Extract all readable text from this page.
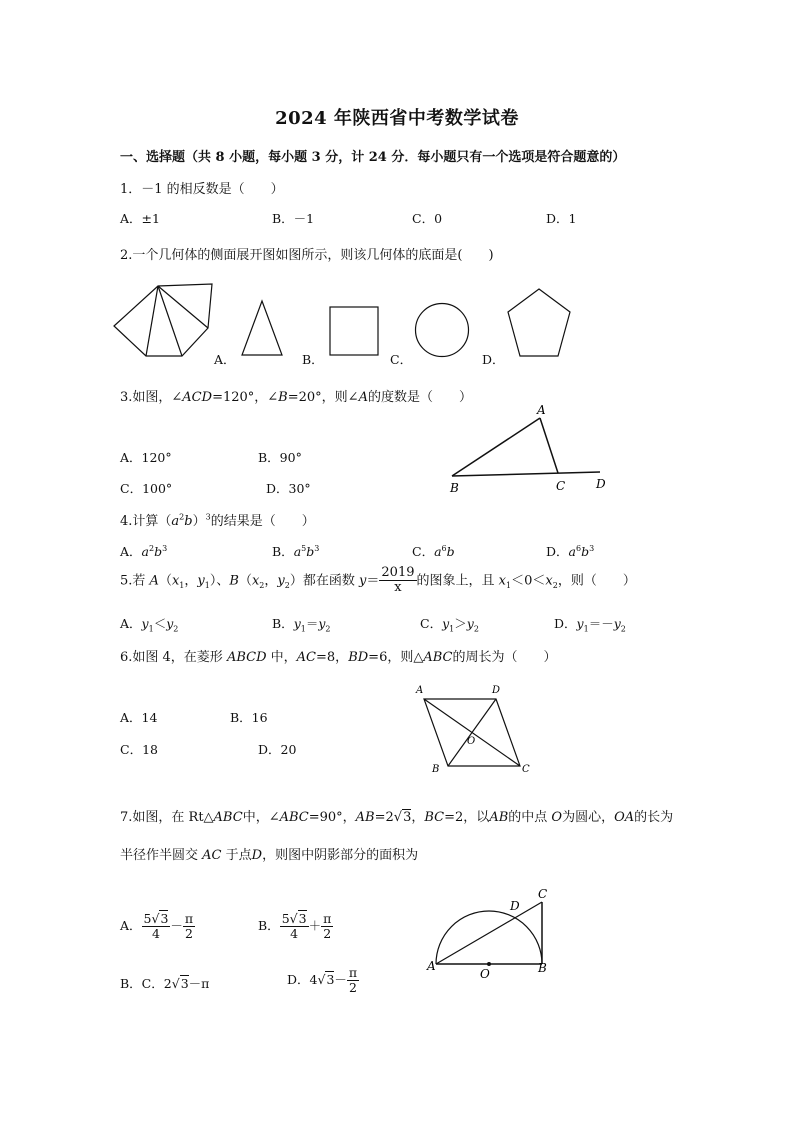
2024 年陕西省中考数学试卷
一、选择题（共 8 小题，每小题 3 分，计 24 分．每小题只有一个选项是符合题意的）
1．－1 的相反数是（　　）
A．±1	B．－1	C．0	D．1
2.一个几何体的侧面展开图如图所示，则该几何体的底面是(　　)
A．	B．	C．	D．
3.如图，∠ACD=120°，∠B=20°，则∠A的度数是（　　）
A．120°	B．90°
C．100°	D．30°
A
B	C	D
4.计算$(a^2b)^3$的结果是（　　）
A．$a^2b^3$	B．$a^5b^3$	C．$a^6b$	D．$a^6b^3$
5.若 $A(x_1$，$y_1$）、$B(x_2$，$y_2$）都在函数 $y= \frac{2019}{x}$ 的图象上，且 $x_1<0<x_2$，则（　　）
A．$y_1<y_2$	B．$y_1=y_2$	C．$y_1>y_2$	D．$y_1=-y_2$
6.如图 4，在菱形 ABCD 中，AC=8，BD=6，则△ABC的周长为（　　）
A．14	B．16
C．18	D．20
A	D
O
B	C
7.如图，在 Rt△ABC中，∠ABC=90°，AB=2√3，BC=2，以AB的中点 O为圆心，OA的长为
半径作半圆交 AC 于点D，则图中阴影部分的面积为
A． $\frac{5√3}{4} - \frac{\pi}{2}$	B． $\frac{5√3}{4} + \frac{\pi}{2}$
B．C．2√3－π	D．$4√3- \frac{\pi}{2}$	A
O	B
C
D
